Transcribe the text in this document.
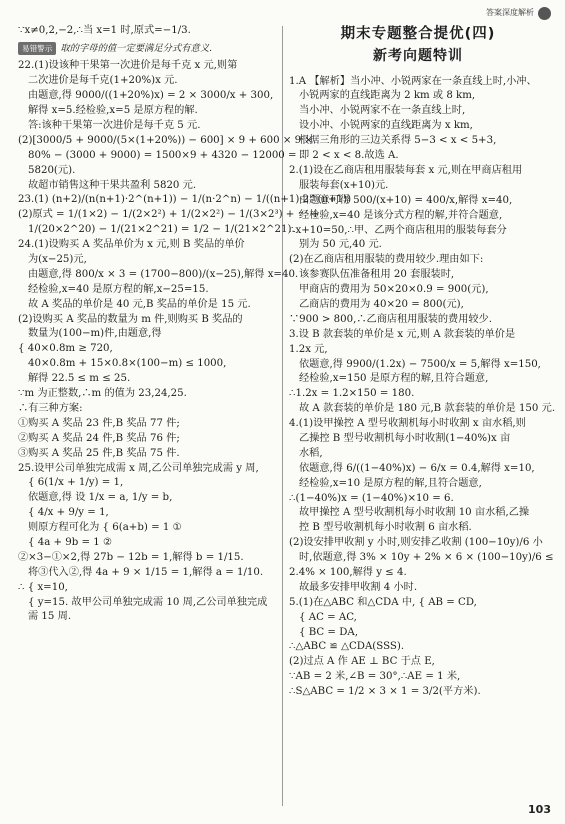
答案深度解析
∵x≠0,2,−2,∴当 x=1 时,原式=−1/3.
易错警示 取的字母的值一定要满足分式有意义.
22.(1)设该种干果第一次进价是每千克 x 元,则第
二次进价是每千克(1+20%)x 元.
由题意,得 9000/((1+20%)x) = 2 × 3000/x + 300,
解得 x=5.经检验,x=5 是原方程的解.
答:该种干果第一次进价是每千克 5 元.
(2)[3000/5 + 9000/(5×(1+20%)) − 600] × 9 + 600 × 9 ×
80% − (3000 + 9000) = 1500×9 + 4320 − 12000 =
5820(元).
故超市销售这种干果共盈利 5820 元.
23.(1) (n+2)/(n(n+1)·2^(n+1)) − 1/(n·2^n) − 1/((n+1)·2^(n+1))
(2)原式 = 1/(1×2) − 1/(2×2²) + 1/(2×2²) − 1/(3×2³) + ⋯ +
1/(20×2^20) − 1/(21×2^21) = 1/2 − 1/(21×2^21).
24.(1)设购买 A 奖品单价为 x 元,则 B 奖品的单价
为(x−25)元,
由题意,得 800/x × 3 = (1700−800)/(x−25),解得 x=40.
经检验,x=40 是原方程的解,x−25=15.
故 A 奖品的单价是 40 元,B 奖品的单价是 15 元.
(2)设购买 A 奖品的数量为 m 件,则购买 B 奖品的
数量为(100−m)件,由题意,得
{ 40×0.8m ≥ 720,
40×0.8m + 15×0.8×(100−m) ≤ 1000,
解得 22.5 ≤ m ≤ 25.
∵m 为正整数,∴m 的值为 23,24,25.
∴有三种方案:
①购买 A 奖品 23 件,B 奖品 77 件;
②购买 A 奖品 24 件,B 奖品 76 件;
③购买 A 奖品 25 件,B 奖品 75 件.
25.设甲公司单独完成需 x 周,乙公司单独完成需 y 周,
{ 6(1/x + 1/y) = 1,
依题意,得 设 1/x = a, 1/y = b,
{ 4/x + 9/y = 1,
则原方程可化为 { 6(a+b) = 1 ①
{ 4a + 9b = 1 ②
②×3−①×2,得 27b − 12b = 1,解得 b = 1/15.
将③代入②,得 4a + 9 × 1/15 = 1,解得 a = 1/10.
∴ { x=10,
{ y=15. 故甲公司单独完成需 10 周,乙公司单独完成
需 15 周.
期末专题整合提优(四)
新考向题特训
1.A 【解析】当小冲、小锐两家在一条直线上时,小冲、
小锐两家的直线距离为 2 km 或 8 km,
当小冲、小锐两家不在一条直线上时,
设小冲、小锐两家的直线距离为 x km,
根据三角形的三边关系得 5−3 < x < 5+3,
即 2 < x < 8.故选 A.
2.(1)设在乙商店租用服装每套 x 元,则在甲商店租用
服装每套(x+10)元.
由题意可得 500/(x+10) = 400/x,解得 x=40,
经检验,x=40 是该分式方程的解,并符合题意,
∴x+10=50,∴甲、乙两个商店租用的服装每套分
别为 50 元,40 元.
(2)在乙商店租用服装的费用较少.理由如下:
该参赛队伍准备租用 20 套服装时,
甲商店的费用为 50×20×0.9 = 900(元),
乙商店的费用为 40×20 = 800(元),
∵900 > 800,∴乙商店租用服装的费用较少.
3.设 B 款套装的单价是 x 元,则 A 款套装的单价是
1.2x 元,
依题意,得 9900/(1.2x) − 7500/x = 5,解得 x=150,
经检验,x=150 是原方程的解,且符合题意,
∴1.2x = 1.2×150 = 180.
故 A 款套装的单价是 180 元,B 款套装的单价是 150 元.
4.(1)设甲操控 A 型号收割机每小时收割 x 亩水稻,则
乙操控 B 型号收割机每小时收割(1−40%)x 亩
水稻,
依题意,得 6/((1−40%)x) − 6/x = 0.4,解得 x=10,
经检验,x=10 是原方程的解,且符合题意,
∴(1−40%)x = (1−40%)×10 = 6.
故甲操控 A 型号收割机每小时收割 10 亩水稻,乙操
控 B 型号收割机每小时收割 6 亩水稻.
(2)设安排甲收割 y 小时,则安排乙收割 (100−10y)/6 小
时,依题意,得 3% × 10y + 2% × 6 × (100−10y)/6 ≤
2.4% × 100,解得 y ≤ 4.
故最多安排甲收割 4 小时.
5.(1)在△ABC 和△CDA 中, { AB = CD,
{ AC = AC,
{ BC = DA,
∴△ABC ≌ △CDA(SSS).
(2)过点 A 作 AE ⊥ BC 于点 E,
∵AB = 2 米,∠B = 30°,∴AE = 1 米,
∴S△ABC = 1/2 × 3 × 1 = 3/2(平方米).
103
